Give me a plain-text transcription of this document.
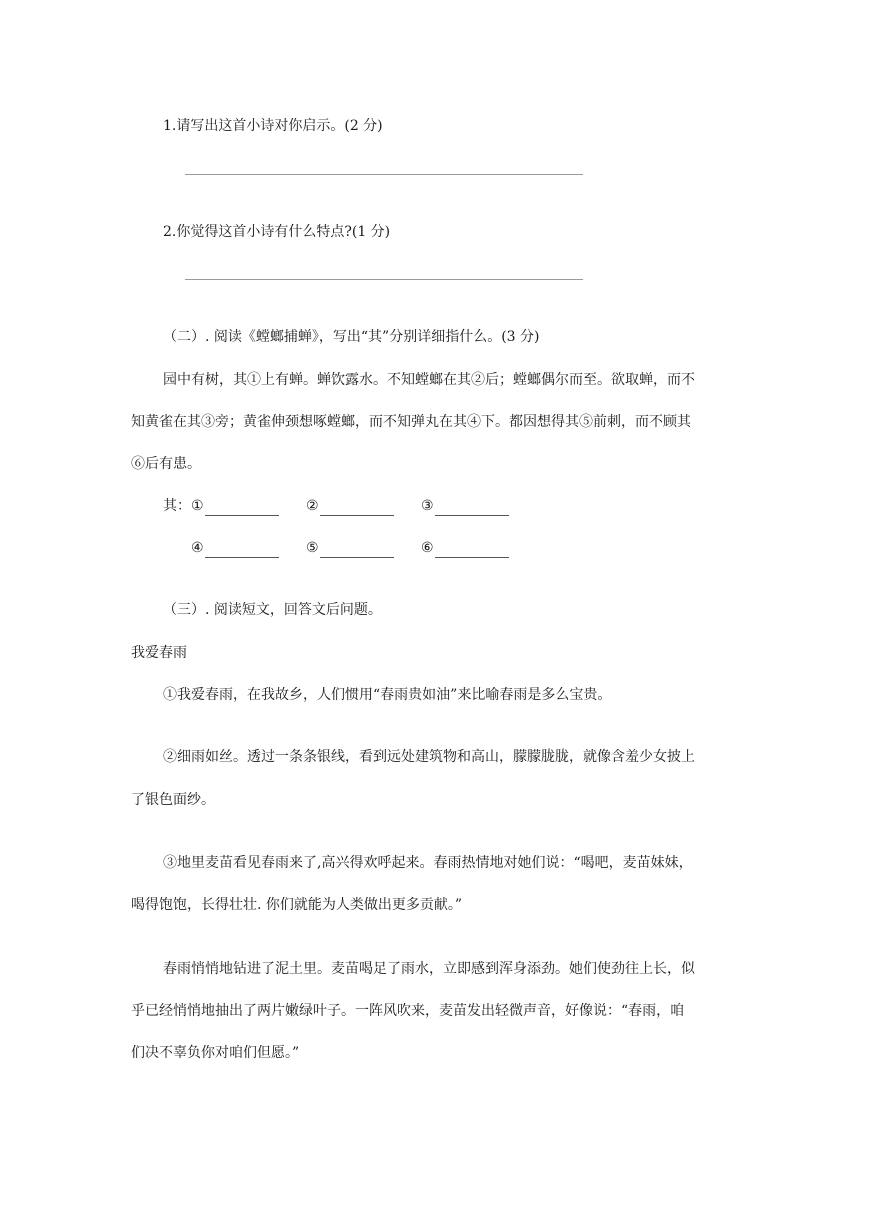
1.请写出这首小诗对你启示。(2 分)
2.你觉得这首小诗有什么特点?(1 分)
（二）. 阅读《螳螂捕蝉》，写出“其”分别详细指什么。(3 分)
园中有树，其①上有蝉。蝉饮露水。不知螳螂在其②后；螳螂偶尔而至。欲取蝉，而不
知黄雀在其③旁；黄雀伸颈想啄螳螂，而不知弹丸在其④下。都因想得其⑤前刺，而不顾其
⑥后有患。
其： ①	②	③
④	⑤	⑥
（三）. 阅读短文，回答文后问题。
我爱春雨
①我爱春雨，在我故乡，人们惯用“春雨贵如油”来比喻春雨是多么宝贵。
②细雨如丝。透过一条条银线，看到远处建筑物和高山，朦朦胧胧，就像含羞少女披上
了银色面纱。
③地里麦苗看见春雨来了,高兴得欢呼起来。春雨热情地对她们说：“喝吧，麦苗妹妹，
喝得饱饱，长得壮壮. 你们就能为人类做出更多贡献。”
春雨悄悄地钻进了泥土里。麦苗喝足了雨水，立即感到浑身添劲。她们使劲往上长，似
乎已经悄悄地抽出了两片嫩绿叶子。一阵风吹来，麦苗发出轻微声音，好像说：“春雨，咱
们决不辜负你对咱们但愿。”
